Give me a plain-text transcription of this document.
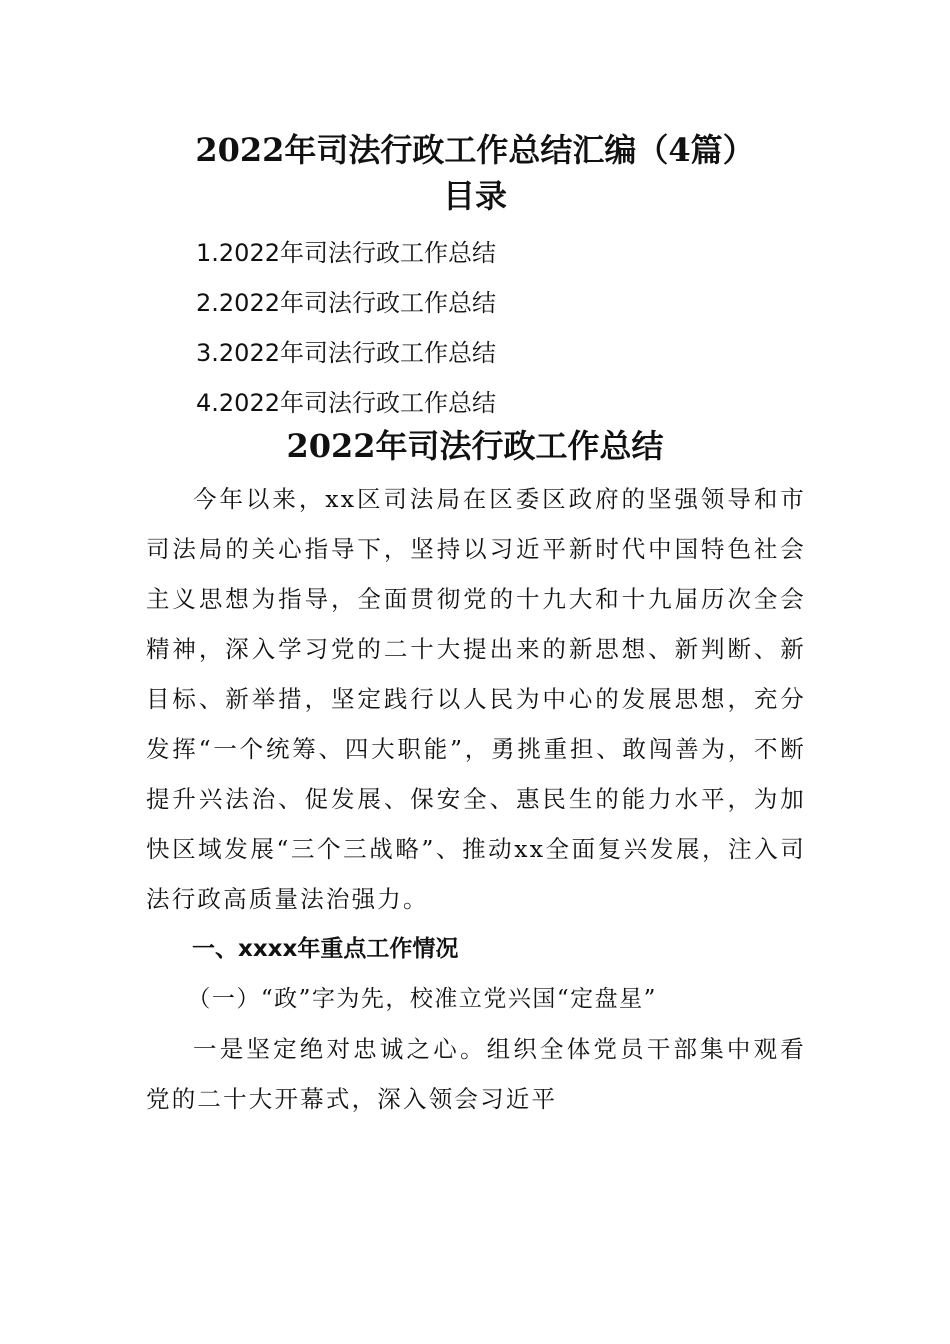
2022年司法行政工作总结汇编（4篇）
目录
1.2022年司法行政工作总结
2.2022年司法行政工作总结
3.2022年司法行政工作总结
4.2022年司法行政工作总结
2022年司法行政工作总结

今年以来，xx区司法局在区委区政府的坚强领导和市司法局的关心指导下，坚持以习近平新时代中国特色社会主义思想为指导，全面贯彻党的十九大和十九届历次全会精神，深入学习党的二十大提出来的新思想、新判断、新目标、新举措，坚定践行以人民为中心的发展思想，充分发挥“一个统筹、四大职能”，勇挑重担、敢闯善为，不断提升兴法治、促发展、保安全、惠民生的能力水平，为加快区域发展“三个三战略”、推动xx全面复兴发展，注入司法行政高质量法治强力。

一、xxxx年重点工作情况

（一）“政”字为先，校准立党兴国“定盘星”

一是坚定绝对忠诚之心。组织全体党员干部集中观看党的二十大开幕式，深入领会习近平
